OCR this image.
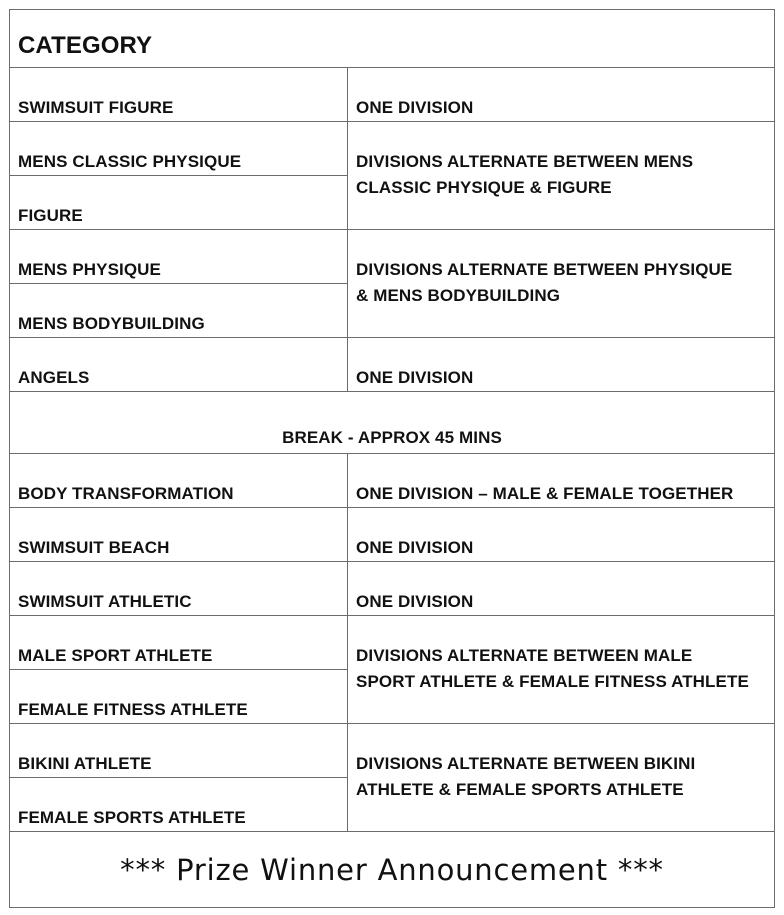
CATEGORY
SWIMSUIT FIGURE
MENS CLASSIC PHYSIQUE
FIGURE
MENS PHYSIQUE
MENS BODYBUILDING
ANGELS
BODY TRANSFORMATION
SWIMSUIT BEACH
SWIMSUIT ATHLETIC
MALE SPORT ATHLETE
FEMALE FITNESS ATHLETE
BIKINI ATHLETE
FEMALE SPORTS ATHLETE
ONE DIVISION
DIVISIONS ALTERNATE BETWEEN MENS
CLASSIC PHYSIQUE & FIGURE
DIVISIONS ALTERNATE BETWEEN PHYSIQUE
& MENS BODYBUILDING
ONE DIVISION
ONE DIVISION – MALE & FEMALE TOGETHER
ONE DIVISION
ONE DIVISION
DIVISIONS ALTERNATE BETWEEN MALE
SPORT ATHLETE & FEMALE FITNESS ATHLETE
DIVISIONS ALTERNATE BETWEEN BIKINI
ATHLETE & FEMALE SPORTS ATHLETE
BREAK - APPROX 45 MINS
*** Prize Winner Announcement ***
